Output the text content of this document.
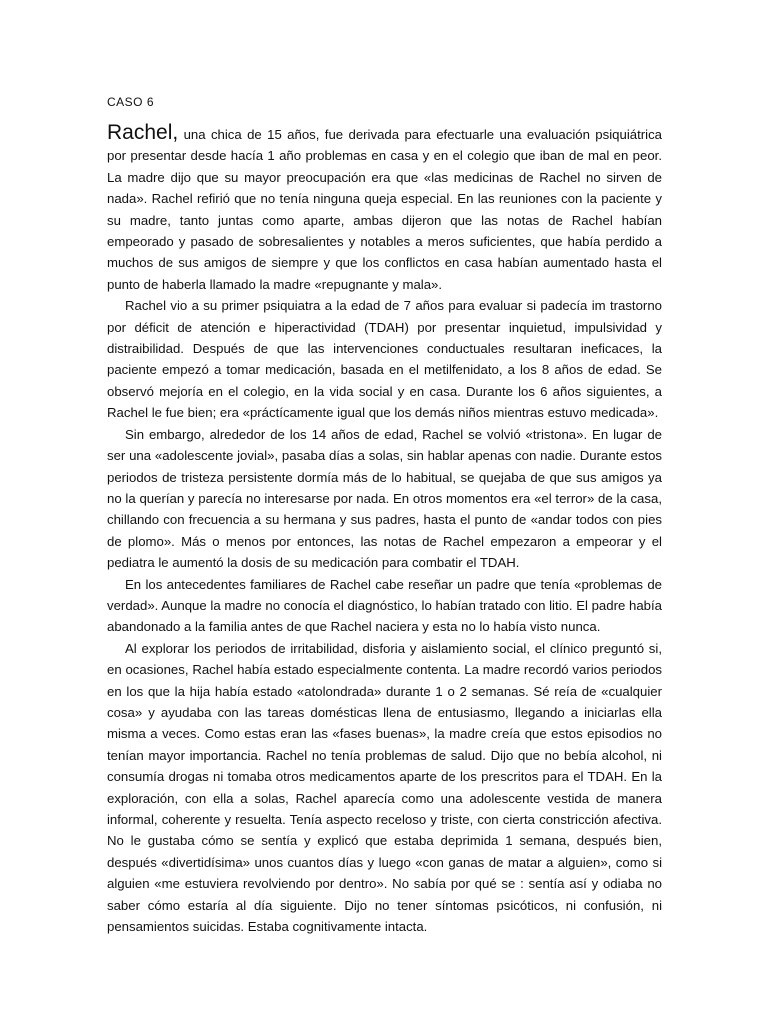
CASO 6

Rachel, una chica de 15 años, fue derivada para efectuarle una evaluación psiquiátrica por presentar desde hacía 1 año problemas en casa y en el colegio que iban de mal en peor. La madre dijo que su mayor preocupación era que «las medicinas de Rachel no sirven de nada». Rachel refirió que no tenía ninguna queja especial. En las reuniones con la paciente y su madre, tanto juntas como aparte, ambas dijeron que las notas de Rachel habían empeorado y pasado de sobresalientes y notables a meros suficientes, que había perdido a muchos de sus amigos de siempre y que los conflictos en casa habían aumentado hasta el punto de haberla llamado la madre «repugnante y mala».

Rachel vio a su primer psiquiatra a la edad de 7 años para evaluar si padecía im trastorno por déficit de atención e hiperactividad (TDAH) por presentar inquietud, impulsividad y distraibilidad. Después de que las intervenciones conductuales resultaran ineficaces, la paciente empezó a tomar medicación, basada en el metilfenidato, a los 8 años de edad. Se observó mejoría en el colegio, en la vida social y en casa. Durante los 6 años siguientes, a Rachel le fue bien; era «práctícamente igual que los demás niños mientras estuvo medicada».

Sin embargo, alrededor de los 14 años de edad, Rachel se volvió «tristona». En lugar de ser una «adolescente jovial», pasaba días a solas, sin hablar apenas con nadie. Durante estos periodos de tristeza persistente dormía más de lo habitual, se quejaba de que sus amigos ya no la querían y parecía no interesarse por nada. En otros momentos era «el terror» de la casa, chillando con frecuencia a su hermana y sus padres, hasta el punto de «andar todos con pies de plomo». Más o menos por entonces, las notas de Rachel empezaron a empeorar y el pediatra le aumentó la dosis de su medicación para combatir el TDAH.

En los antecedentes familiares de Rachel cabe reseñar un padre que tenía «problemas de verdad». Aunque la madre no conocía el diagnóstico, lo habían tratado con litio. El padre había abandonado a la familia antes de que Rachel naciera y esta no lo había visto nunca.

Al explorar los periodos de irritabilidad, disforia y aislamiento social, el clínico preguntó si, en ocasiones, Rachel había estado especialmente contenta. La madre recordó varios periodos en los que la hija había estado «atolondrada» durante 1 o 2 semanas. Sé reía de «cualquier cosa» y ayudaba con las tareas domésticas llena de entusiasmo, llegando a iniciarlas ella misma a veces. Como estas eran las «fases buenas», la madre creía que estos episodios no tenían mayor importancia. Rachel no tenía problemas de salud. Dijo que no bebía alcohol, ni consumía drogas ni tomaba otros medicamentos aparte de los prescritos para el TDAH. En la exploración, con ella a solas, Rachel aparecía como una adolescente vestida de manera informal, coherente y resuelta. Tenía aspecto receloso y triste, con cierta constricción afectiva. No le gustaba cómo se sentía y explicó que estaba deprimida 1 semana, después bien, después «divertidísima» unos cuantos días y luego «con ganas de matar a alguien», como si alguien «me estuviera revolviendo por dentro». No sabía por qué se : sentía así y odiaba no saber cómo estaría al día siguiente. Dijo no tener síntomas psicóticos, ni confusión, ni pensamientos suicidas. Estaba cognitivamente intacta.
